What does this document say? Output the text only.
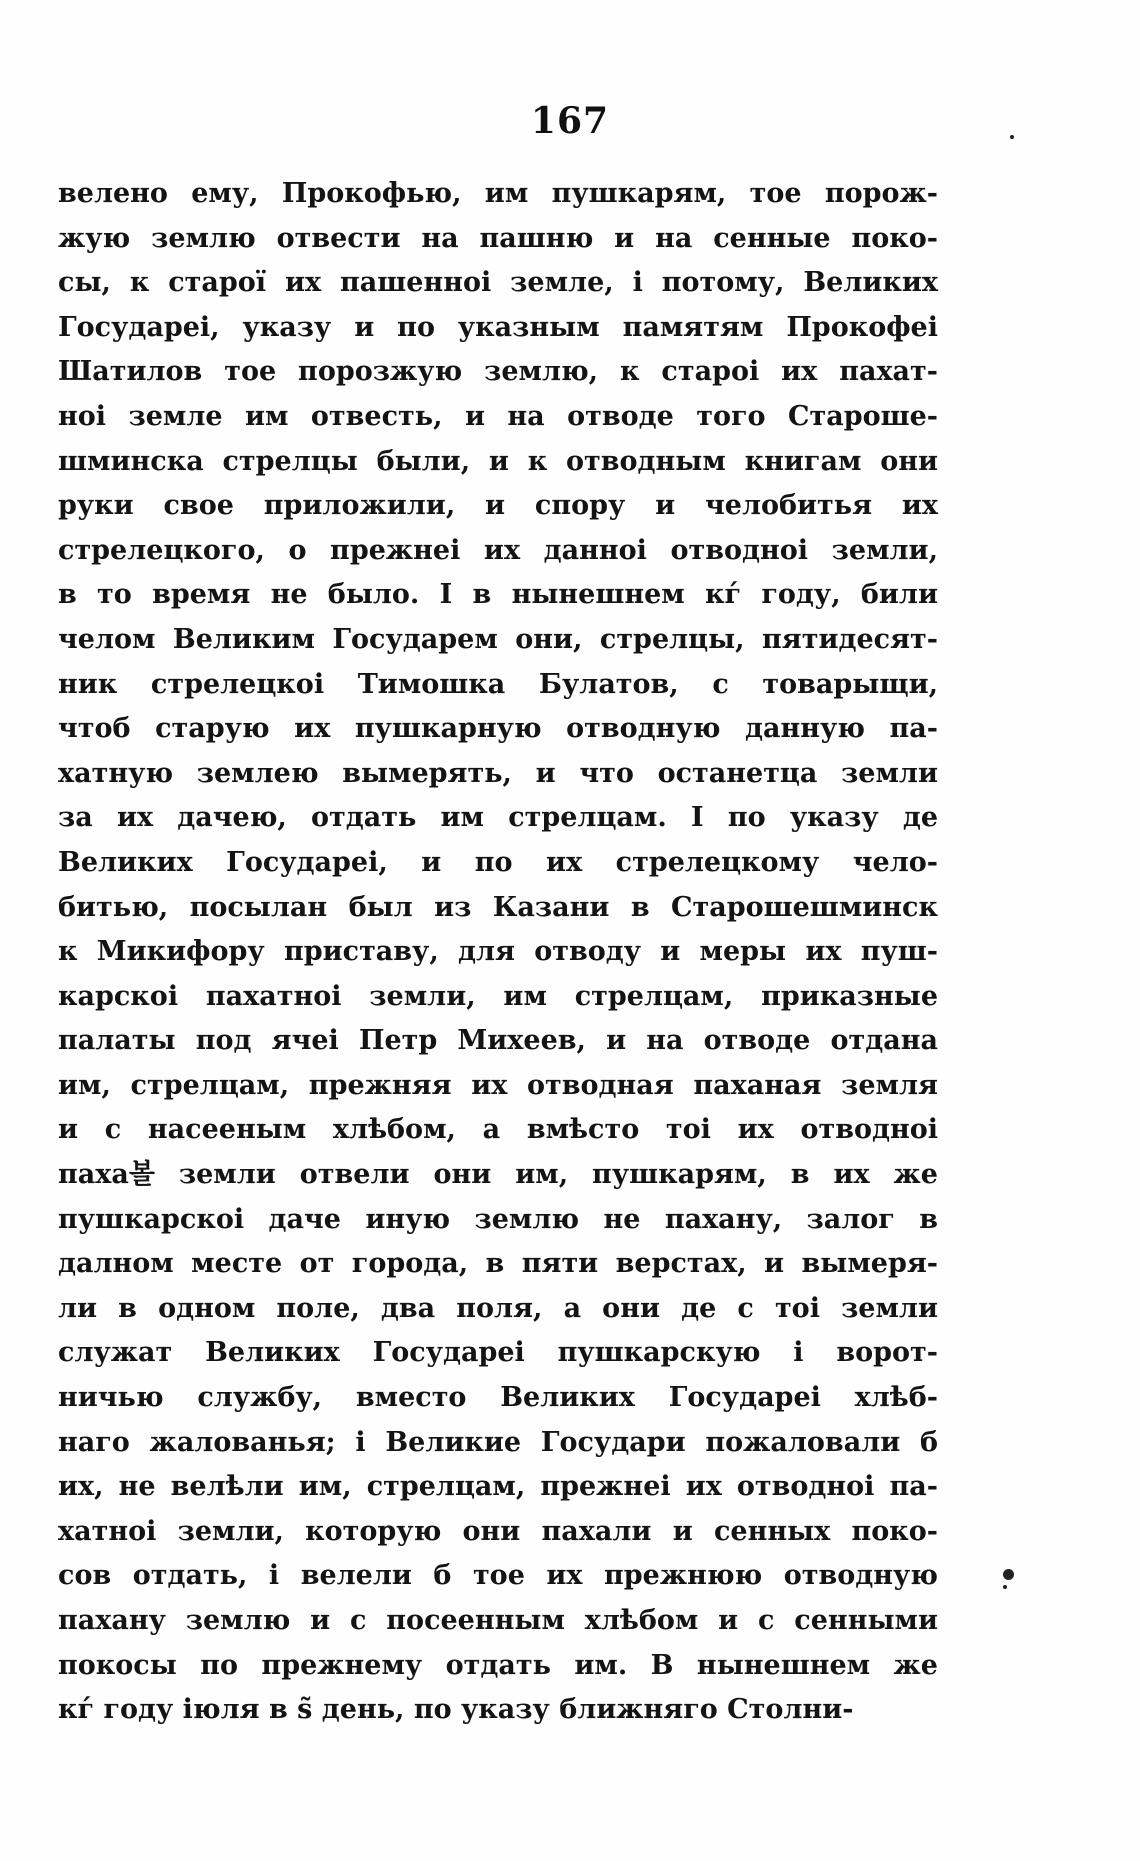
167
велено ему, Прокофью, им пушкарям, тое порож-
жую землю отвести на пашню и на сенные поко-
сы, к старої их пашенноі земле, і потому, Великих
Государеі, указу и по указным памятям Прокофеі
Шатилов тое порозжую землю, к староі их пахат-
ноі земле им отвесть, и на отводе того Старошe-
шминска стрелцы были, и к отводным книгам они
руки свое приложили, и спору и челобитья их
стрелецкого, о прежнеі их данноі отводноі земли,
в то время не было. І в нынешнем кѓ году, били
челом Великим Государем они, стрелцы, пятидесят-
ник стрелецкоі Тимошка Булатов, с товарыщи,
чтоб старую их пушкарную отводную данную па-
хатную землею вымерять, и что останетца земли
за их дачею, отдать им стрелцам. І по указу де
Великих Государеі, и по их стрелецкому чело-
битью, посылан был из Казани в Старошешминск
к Микифору приставу, для отводу и меры их пуш-
карскоі пахатноі земли, им стрелцам, приказные
палаты под ячеі Петр Михеев, и на отводе отдана
им, стрелцам, прежняя их отводная паханая земля
и с насееным хлѣбом, а вмѣсто тоі их отводноі
паха볼 земли отвели они им, пушкарям, в их же
пушкарскоі даче иную землю не пахану, залог в
далном месте от города, в пяти верстах, и вымеря-
ли в одном поле, два поля, а они де с тоі земли
служат Великих Государеі пушкарскую і ворот-
ничью службу, вместо Великих Государеі хлѣб-
наго жалованья; і Великие Государи пожаловали б
их, не велѣли им, стрелцам, прежнеі их отводноі па-
хатноі земли, которую они пахали и сенных поко-
сов отдать, і велели б тое их прежнюю отводную
пахану землю и с посеенным хлѣбом и с сенными
покосы по прежнему отдать им. В нынешнем же
кѓ году іюля в ѕ̃ день, по указу ближняго Столни-
